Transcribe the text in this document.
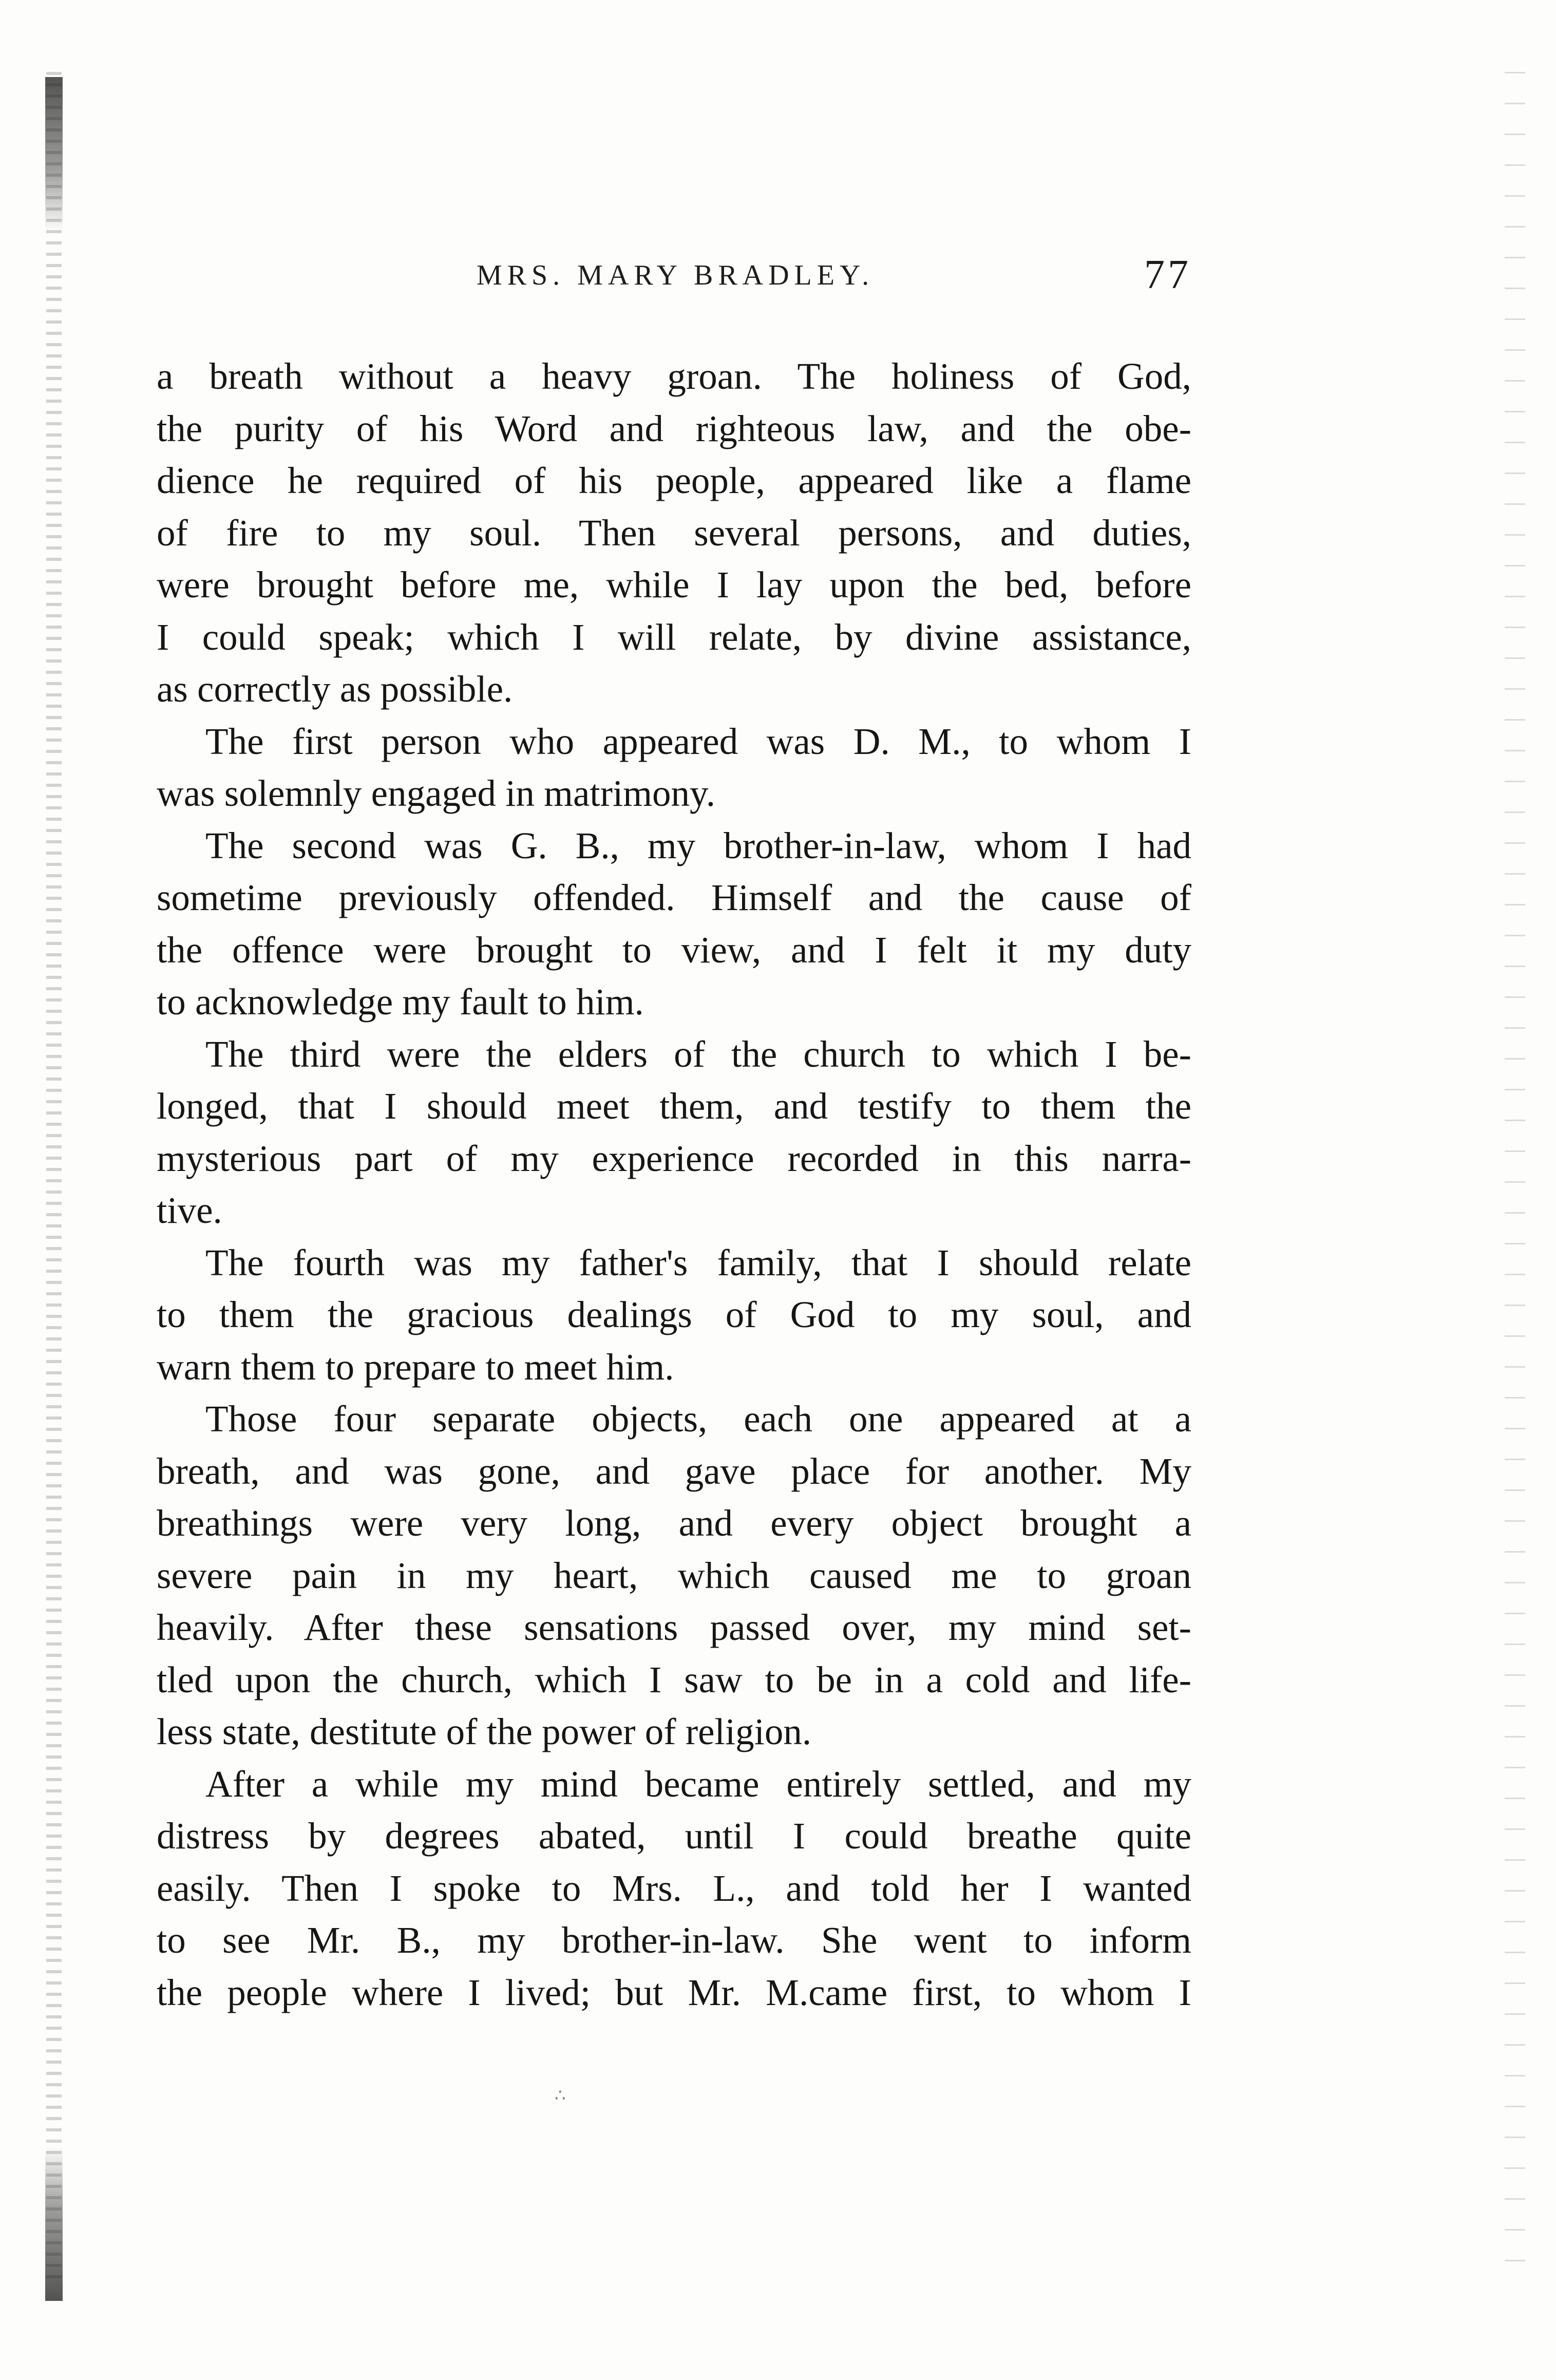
MRS. MARY BRADLEY.	77
a breath without a heavy groan. The holiness of God,
the purity of his Word and righteous law, and the obe-
dience he required of his people, appeared like a flame
of fire to my soul. Then several persons, and duties,
were brought before me, while I lay upon the bed, before
I could speak; which I will relate, by divine assistance,
as correctly as possible.
The first person who appeared was D. M., to whom I
was solemnly engaged in matrimony.
The second was G. B., my brother-in-law, whom I had
sometime previously offended. Himself and the cause of
the offence were brought to view, and I felt it my duty
to acknowledge my fault to him.
The third were the elders of the church to which I be-
longed, that I should meet them, and testify to them the
mysterious part of my experience recorded in this narra-
tive.
The fourth was my father's family, that I should relate
to them the gracious dealings of God to my soul, and
warn them to prepare to meet him.
Those four separate objects, each one appeared at a
breath, and was gone, and gave place for another. My
breathings were very long, and every object brought a
severe pain in my heart, which caused me to groan
heavily. After these sensations passed over, my mind set-
tled upon the church, which I saw to be in a cold and life-
less state, destitute of the power of religion.
After a while my mind became entirely settled, and my
distress by degrees abated, until I could breathe quite
easily. Then I spoke to Mrs. L., and told her I wanted
to see Mr. B., my brother-in-law. She went to inform
the people where I lived; but Mr. M.came first, to whom I
∴
